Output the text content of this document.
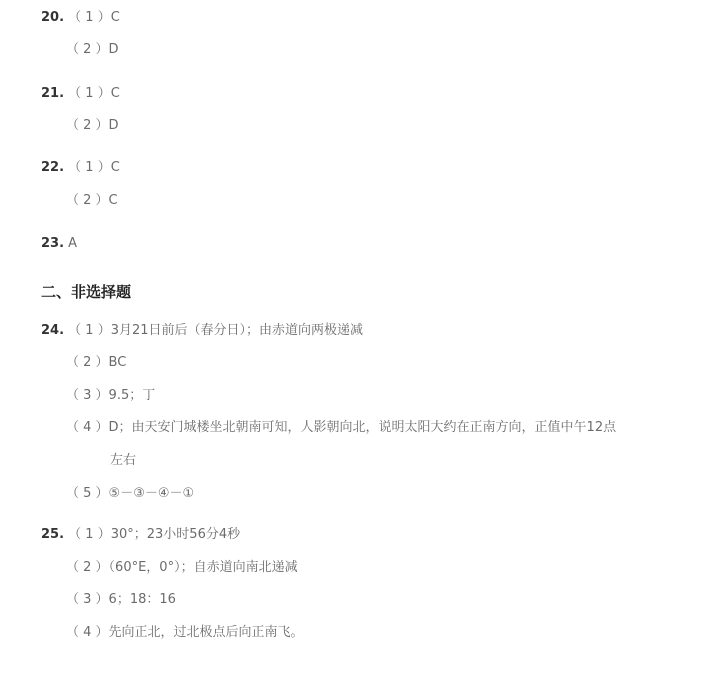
20. （ 1 ）C
（ 2 ）D
21. （ 1 ）C
（ 2 ）D
22. （ 1 ）C
（ 2 ）C
23. A
二、非选择题
24. （ 1 ）3月21日前后（春分日）；由赤道向两极递减
（ 2 ）BC
（ 3 ）9.5；丁
（ 4 ）D；由天安门城楼坐北朝南可知，人影朝向北，说明太阳大约在正南方向，正值中午12点
左右
（ 5 ）⑤－③－④－①
25. （ 1 ）30°；23小时56分4秒
（ 2 ）（60°E，0°）；自赤道向南北递减
（ 3 ）6；18：16
（ 4 ）先向正北，过北极点后向正南飞。
